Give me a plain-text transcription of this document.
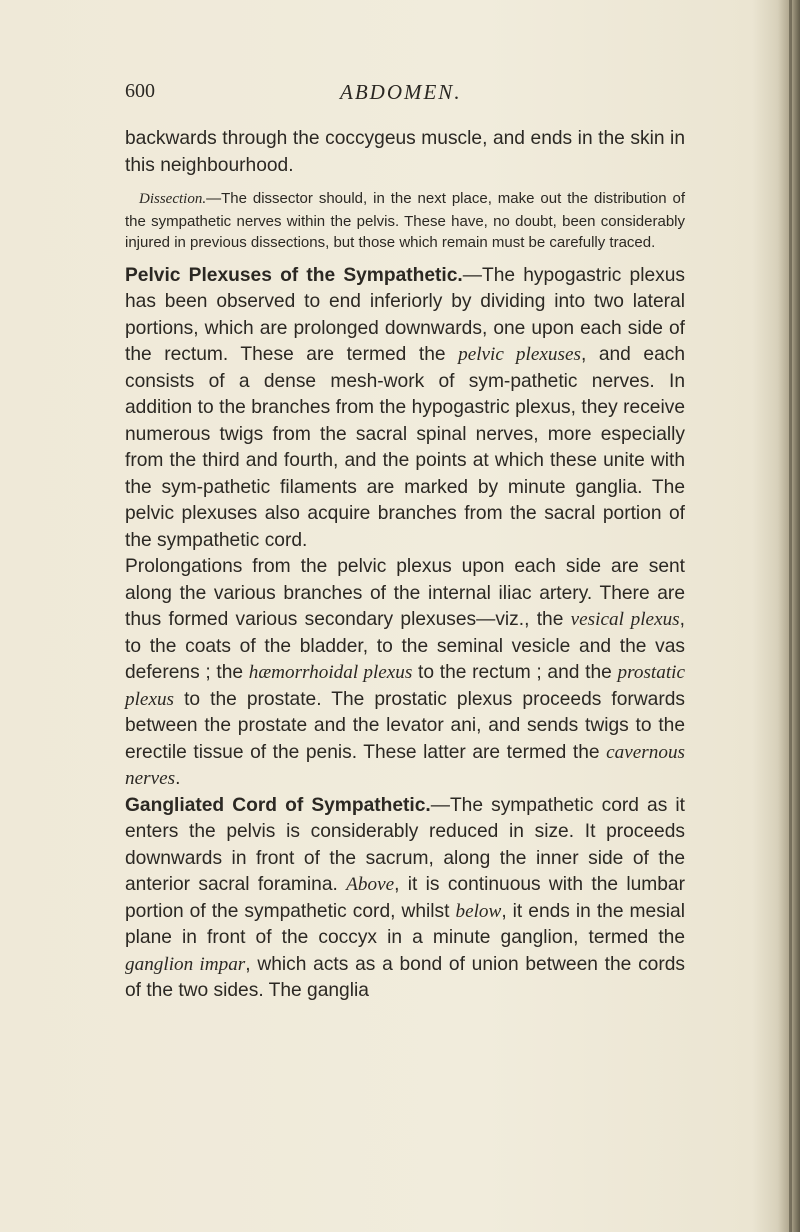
600	ABDOMEN.

backwards through the coccygeus muscle, and ends in the skin in this neighbourhood.

Dissection.—The dissector should, in the next place, make out the distribution of the sympathetic nerves within the pelvis. These have, no doubt, been considerably injured in previous dissections, but those which remain must be carefully traced.

Pelvic Plexuses of the Sympathetic.—The hypogastric plexus has been observed to end inferiorly by dividing into two lateral portions, which are prolonged downwards, one upon each side of the rectum. These are termed the pelvic plexuses, and each consists of a dense mesh-work of sym-pathetic nerves. In addition to the branches from the hypogastric plexus, they receive numerous twigs from the sacral spinal nerves, more especially from the third and fourth, and the points at which these unite with the sym-pathetic filaments are marked by minute ganglia. The pelvic plexuses also acquire branches from the sacral portion of the sympathetic cord.

Prolongations from the pelvic plexus upon each side are sent along the various branches of the internal iliac artery. There are thus formed various secondary plexuses—viz., the vesical plexus, to the coats of the bladder, to the seminal vesicle and the vas deferens ; the hæmorrhoidal plexus to the rectum ; and the prostatic plexus to the prostate. The prostatic plexus proceeds forwards between the prostate and the levator ani, and sends twigs to the erectile tissue of the penis. These latter are termed the cavernous nerves.

Gangliated Cord of Sympathetic.—The sympathetic cord as it enters the pelvis is considerably reduced in size. It proceeds downwards in front of the sacrum, along the inner side of the anterior sacral foramina. Above, it is continuous with the lumbar portion of the sympathetic cord, whilst below, it ends in the mesial plane in front of the coccyx in a minute ganglion, termed the ganglion impar, which acts as a bond of union between the cords of the two sides. The ganglia
